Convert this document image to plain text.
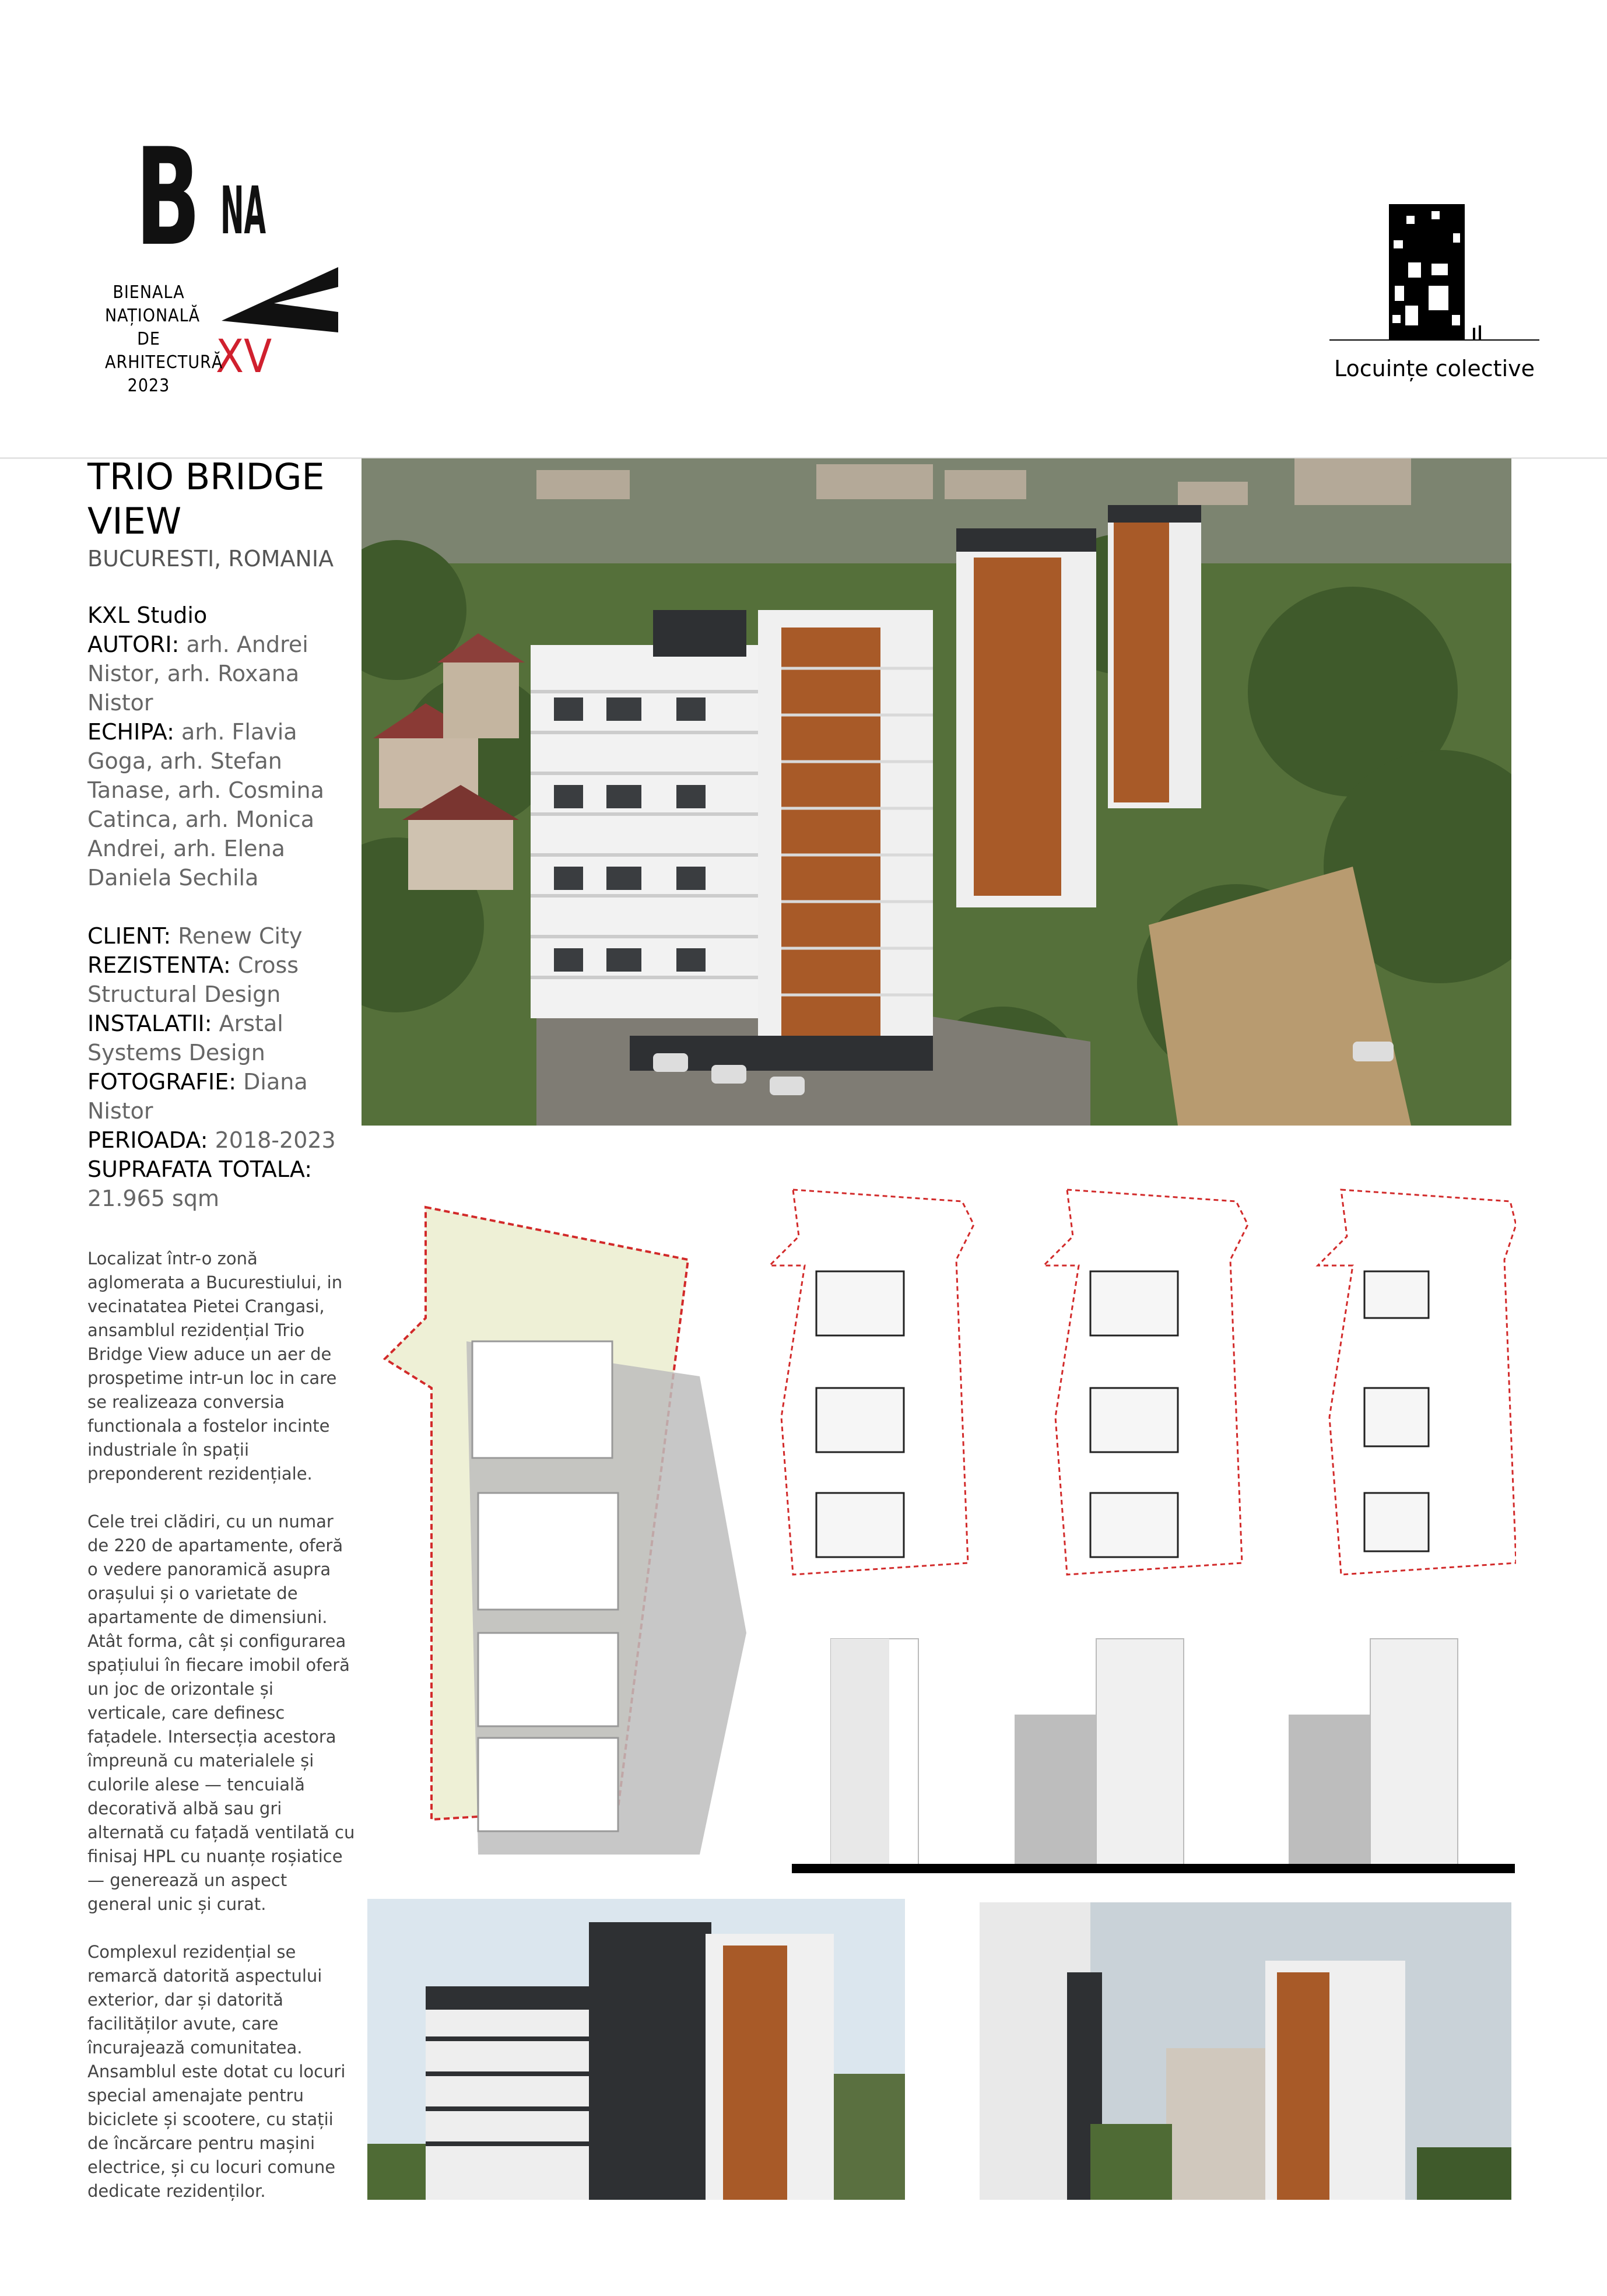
B NA
XV
BIENALA
NAȚIONALĂ
DE
ARHITECTURĂ
2023
Locuințe colective
TRIO BRIDGE VIEW
BUCURESTI, ROMANIA
KXL Studio
AUTORI: arh. Andrei Nistor, arh. Roxana Nistor
ECHIPA: arh. Flavia Goga, arh. Stefan Tanase, arh. Cosmina Catinca, arh. Monica Andrei, arh. Elena Daniela Sechila
CLIENT: Renew City
REZISTENTA: Cross Structural Design
INSTALATII: Arstal Systems Design
FOTOGRAFIE: Diana Nistor
PERIOADA: 2018-2023
SUPRAFATA TOTALA: 21.965 sqm

Localizat într-o zonă aglomerata a Bucurestiului, in vecinatatea Pietei Crangasi, ansamblul rezidențial Trio Bridge View aduce un aer de prospetime intr-un loc in care se realizeaza conversia functionala a fostelor incinte industriale în spații preponderent rezidențiale.

Cele trei clădiri, cu un numar de 220 de apartamente, oferă o vedere panoramică asupra orașului și o varietate de apartamente de dimensiuni. Atât forma, cât și configurarea spațiului în fiecare imobil oferă un joc de orizontale și verticale, care definesc fațadele. Intersecția acestora împreună cu materialele și culorile alese — tencuială decorativă albă sau gri alternată cu fațadă ventilată cu finisaj HPL cu nuanțe roșiatice— generează un aspect general unic și curat.

Complexul rezidențial se remarcă datorită aspectului exterior, dar și datorită facilităților avute, care încurajează comunitatea. Ansamblul este dotat cu locuri special amenajate pentru biciclete și scootere, cu stații de încărcare pentru mașini electrice, și cu locuri comune dedicate rezidenților.
